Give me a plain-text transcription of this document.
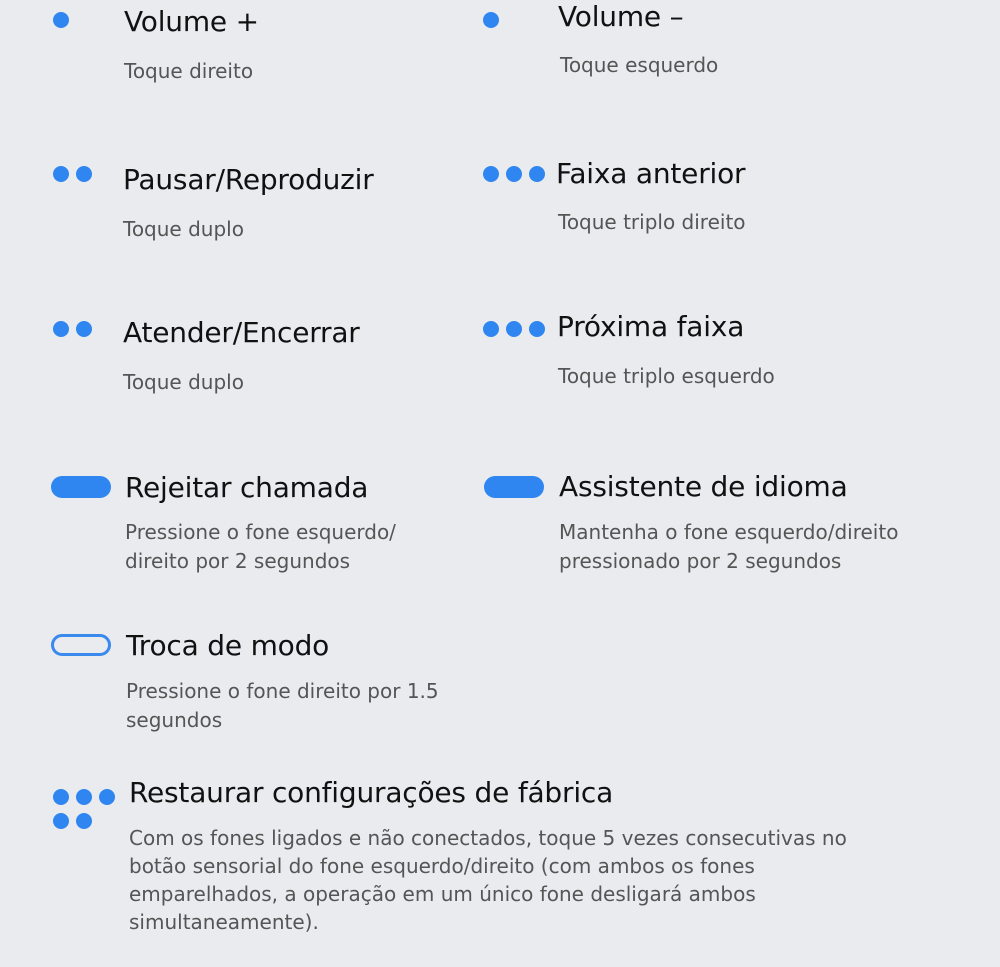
Volume +
Toque direito
Volume –
Toque esquerdo
Pausar/Reproduzir
Toque duplo
Faixa anterior
Toque triplo direito
Atender/Encerrar
Toque duplo
Próxima faixa
Toque triplo esquerdo
Rejeitar chamada
Pressione o fone esquerdo/
direito por 2 segundos
Assistente de idioma
Mantenha o fone esquerdo/direito
pressionado por 2 segundos
Troca de modo
Pressione o fone direito por 1.5
segundos
Restaurar configurações de fábrica
Com os fones ligados e não conectados, toque 5 vezes consecutivas no
botão sensorial do fone esquerdo/direito (com ambos os fones
emparelhados, a operação em um único fone desligará ambos
simultaneamente).
